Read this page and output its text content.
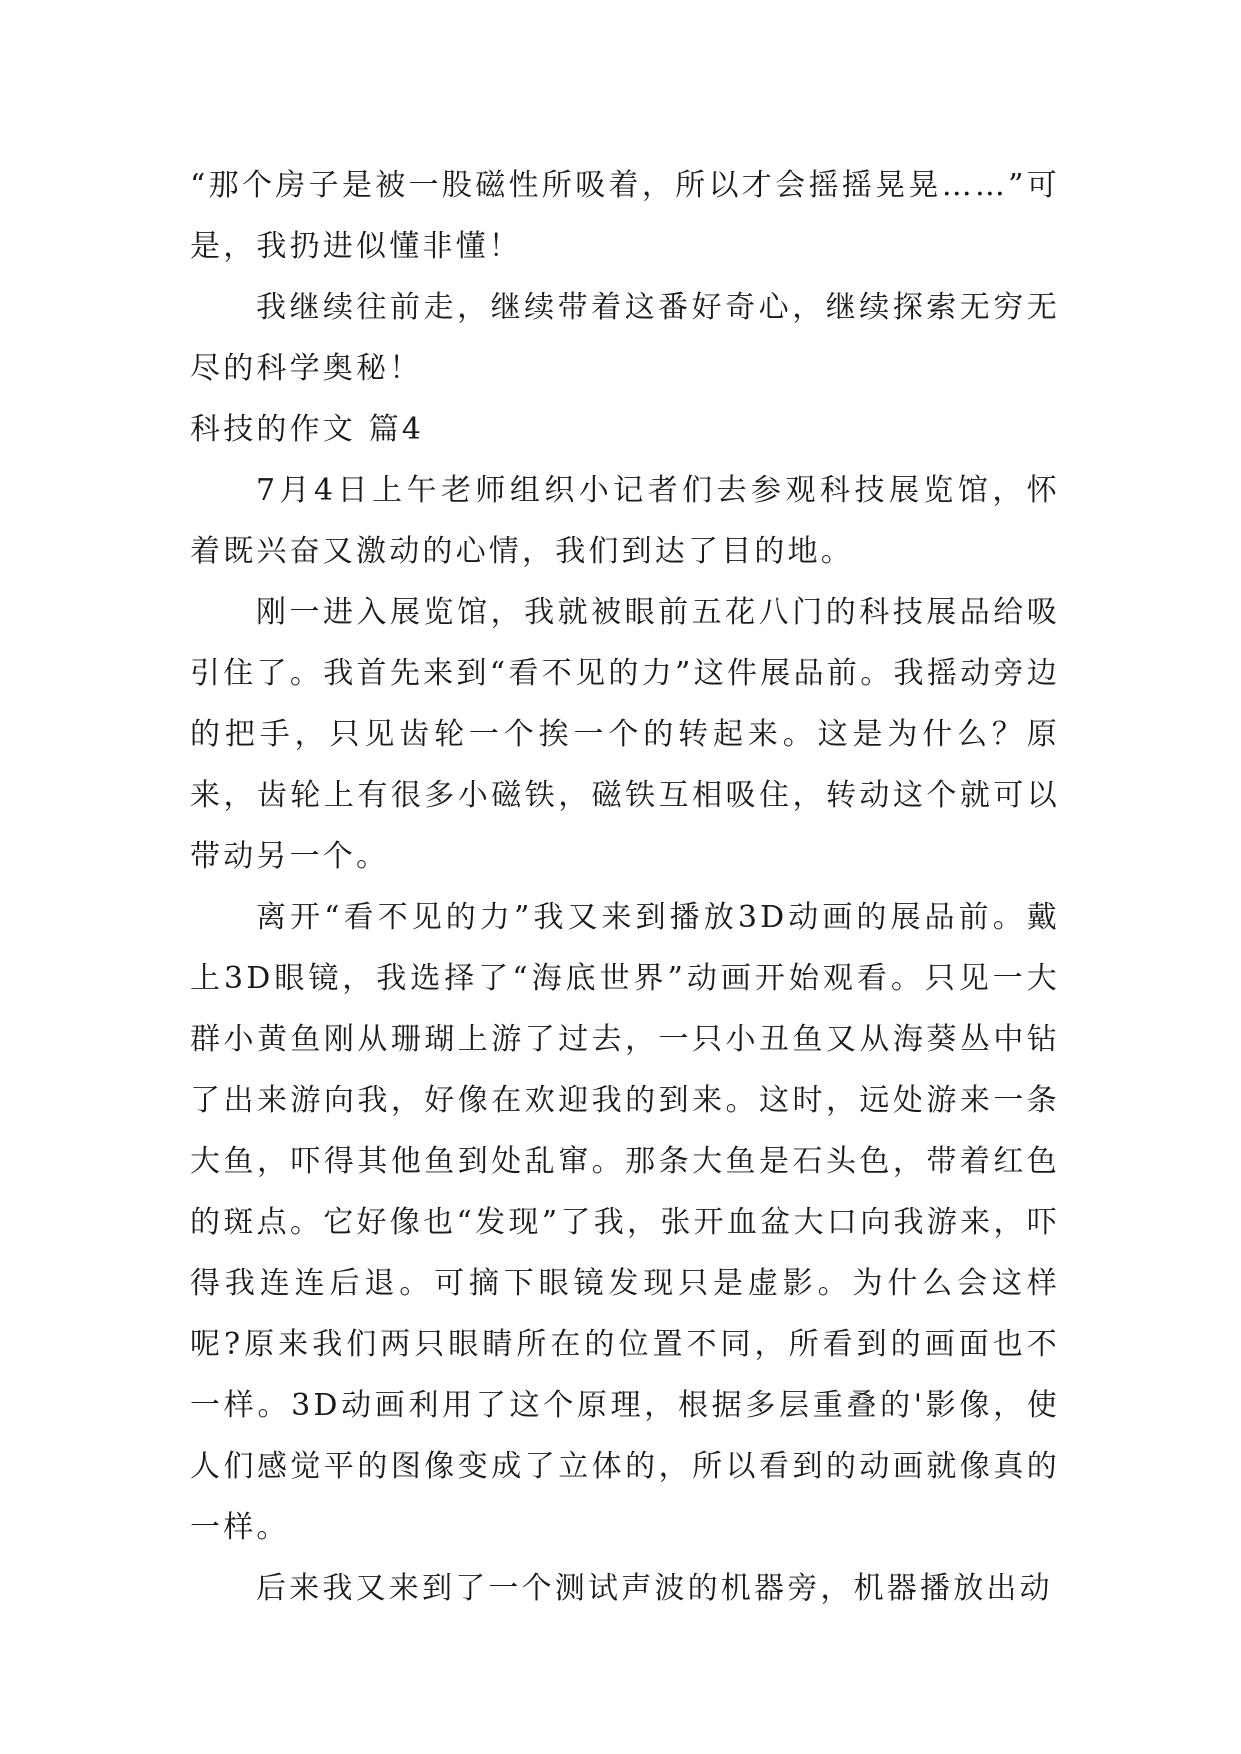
“那个房子是被一股磁性所吸着，所以才会摇摇晃晃……”可是，我扔进似懂非懂！

我继续往前走，继续带着这番好奇心，继续探索无穷无尽的科学奥秘！

科技的作文 篇4

7月4日上午老师组织小记者们去参观科技展览馆，怀着既兴奋又激动的心情，我们到达了目的地。

刚一进入展览馆，我就被眼前五花八门的科技展品给吸引住了。我首先来到“看不见的力”这件展品前。我摇动旁边的把手，只见齿轮一个挨一个的转起来。这是为什么？原来，齿轮上有很多小磁铁，磁铁互相吸住，转动这个就可以带动另一个。

离开“看不见的力”我又来到播放3D动画的展品前。戴上3D眼镜，我选择了“海底世界”动画开始观看。只见一大群小黄鱼刚从珊瑚上游了过去，一只小丑鱼又从海葵丛中钻了出来游向我，好像在欢迎我的到来。这时，远处游来一条大鱼，吓得其他鱼到处乱窜。那条大鱼是石头色，带着红色的斑点。它好像也“发现”了我，张开血盆大口向我游来，吓得我连连后退。可摘下眼镜发现只是虚影。为什么会这样呢?原来我们两只眼睛所在的位置不同，所看到的画面也不一样。3D动画利用了这个原理，根据多层重叠的'影像，使人们感觉平的图像变成了立体的，所以看到的动画就像真的一样。

后来我又来到了一个测试声波的机器旁，机器播放出动
